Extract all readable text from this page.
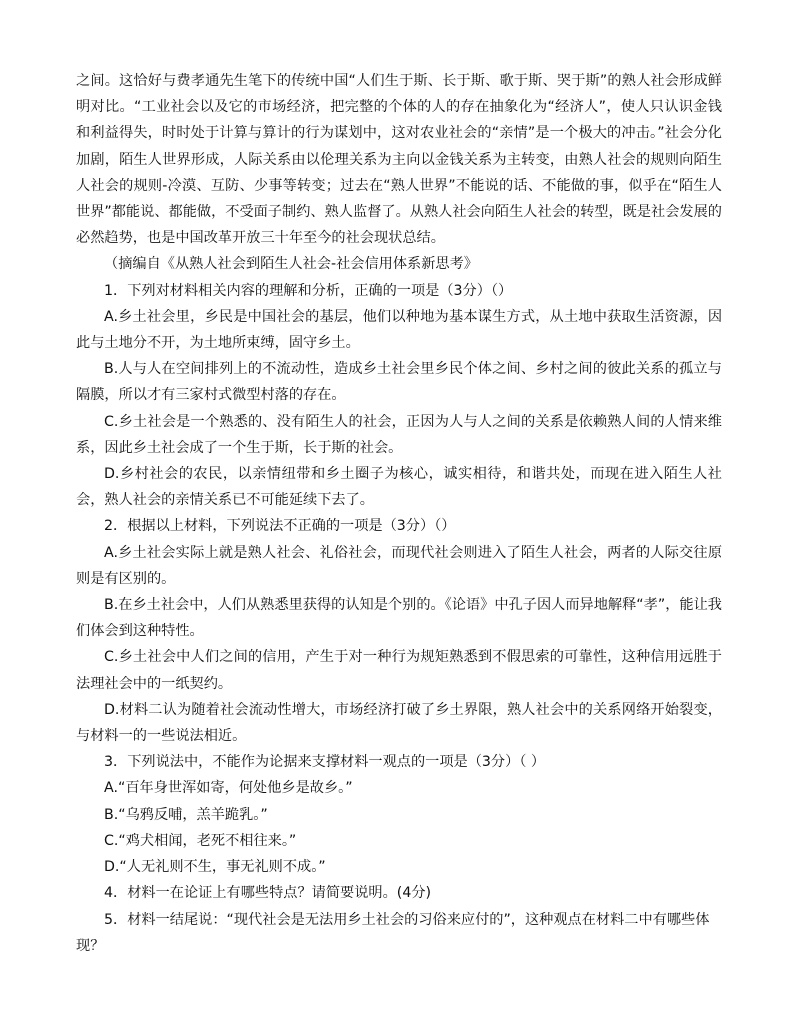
之间。这恰好与费孝通先生笔下的传统中国“人们生于斯、长于斯、歌于斯、哭于斯”的熟人社会形成鲜明对比。“工业社会以及它的市场经济，把完整的个体的人的存在抽象化为“经济人”，使人只认识金钱和利益得失，时时处于计算与算计的行为谋划中，这对农业社会的“亲情”是一个极大的冲击。”社会分化加剧，陌生人世界形成，人际关系由以伦理关系为主向以金钱关系为主转变，由熟人社会的规则向陌生人社会的规则-冷漠、互防、少事等转变；过去在“熟人世界”不能说的话、不能做的事，似乎在“陌生人世界”都能说、都能做，不受面子制约、熟人监督了。从熟人社会向陌生人社会的转型，既是社会发展的必然趋势，也是中国改革开放三十年至今的社会现状总结。

（摘编自《从熟人社会到陌生人社会-社会信用体系新思考》

1．下列对材料相关内容的理解和分析，正确的一项是（3分）（）

A.乡土社会里，乡民是中国社会的基层，他们以种地为基本谋生方式，从土地中获取生活资源，因此与土地分不开，为土地所束缚，固守乡土。

B.人与人在空间排列上的不流动性，造成乡土社会里乡民个体之间、乡村之间的彼此关系的孤立与隔膜，所以才有三家村式微型村落的存在。

C.乡土社会是一个熟悉的、没有陌生人的社会，正因为人与人之间的关系是依赖熟人间的人情来维系，因此乡土社会成了一个生于斯，长于斯的社会。

D.乡村社会的农民，以亲情纽带和乡土圈子为核心，诚实相待，和谐共处，而现在进入陌生人社会，熟人社会的亲情关系已不可能延续下去了。

2．根据以上材料，下列说法不正确的一项是（3分）（）

A.乡土社会实际上就是熟人社会、礼俗社会，而现代社会则进入了陌生人社会，两者的人际交往原则是有区别的。

B.在乡土社会中，人们从熟悉里获得的认知是个别的。《论语》中孔子因人而异地解释“孝”，能让我们体会到这种特性。

C.乡土社会中人们之间的信用，产生于对一种行为规矩熟悉到不假思索的可靠性，这种信用远胜于法理社会中的一纸契约。

D.材料二认为随着社会流动性增大，市场经济打破了乡土界限，熟人社会中的关系网络开始裂变，与材料一的一些说法相近。

3．下列说法中，不能作为论据来支撑材料一观点的一项是（3分）（ ）

A.“百年身世浑如寄，何处他乡是故乡。”

B.“乌鸦反哺，羔羊跪乳。”

C.“鸡犬相闻，老死不相往来。”

D.“人无礼则不生，事无礼则不成。”

4．材料一在论证上有哪些特点？请简要说明。(4分)

5．材料一结尾说：“现代社会是无法用乡土社会的习俗来应付的”，这种观点在材料二中有哪些体现？
